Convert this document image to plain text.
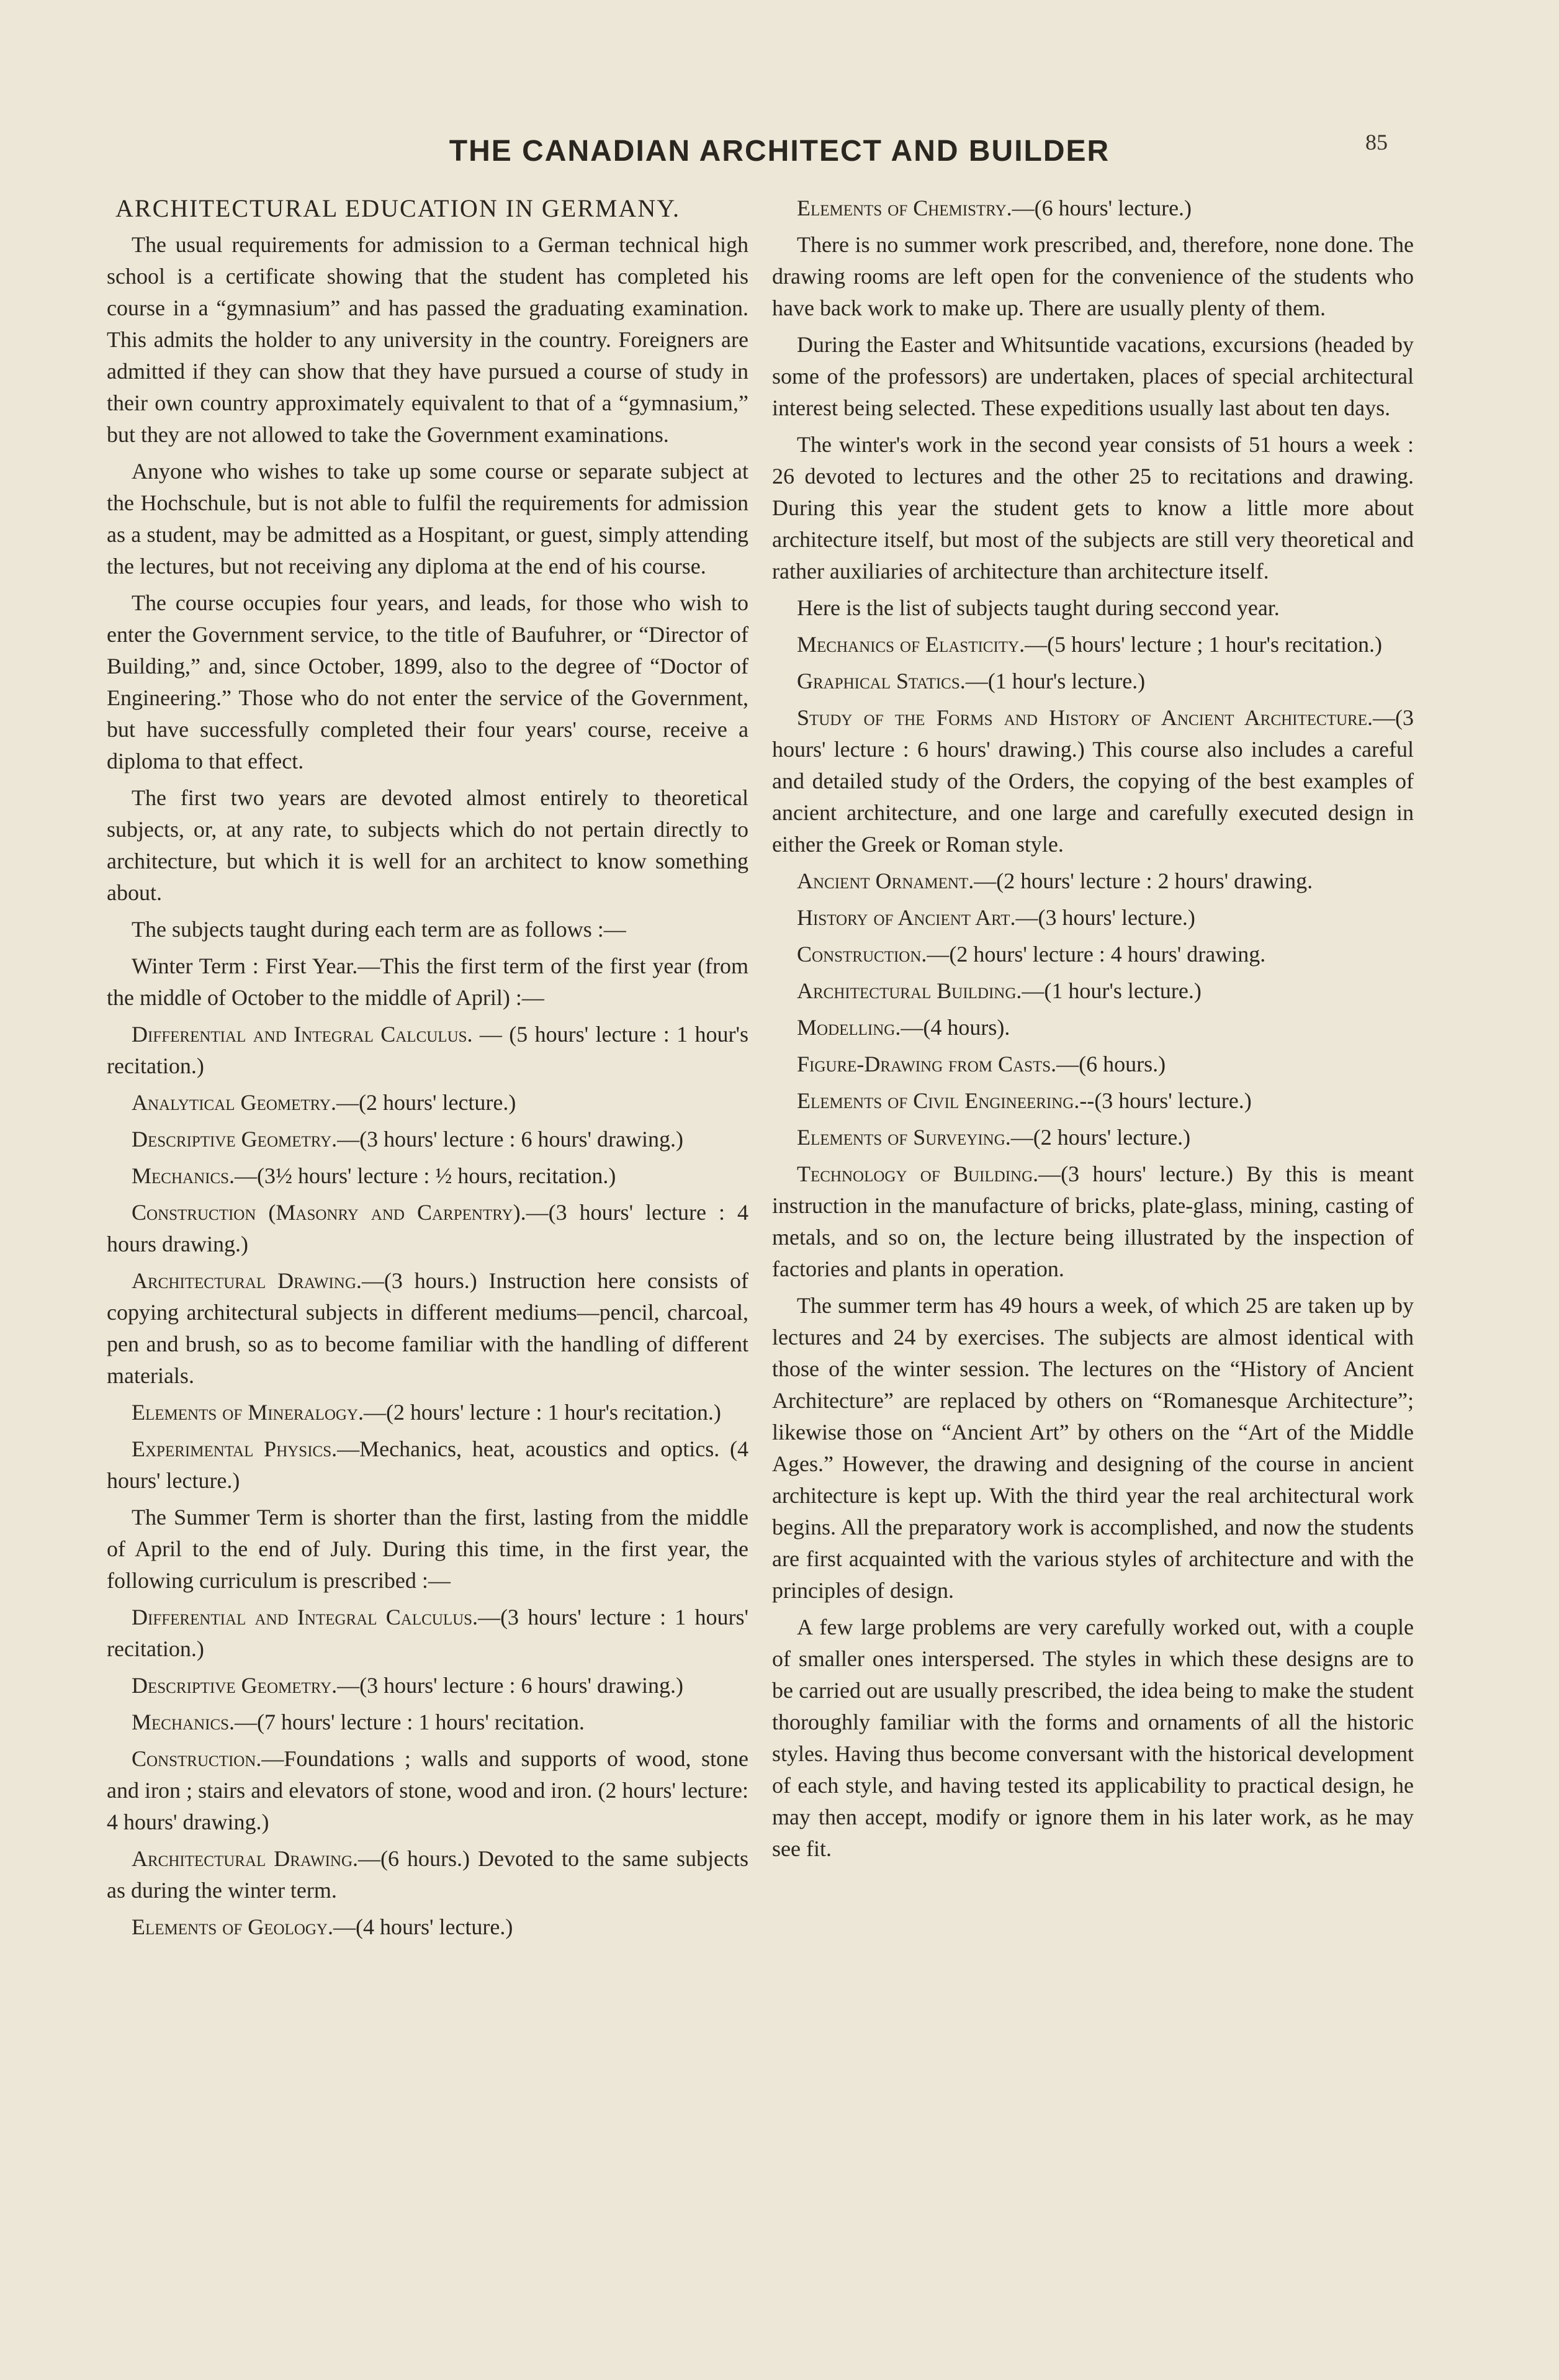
THE CANADIAN ARCHITECT AND BUILDER	85
ARCHITECTURAL EDUCATION IN GERMANY.

The usual requirements for admission to a German technical high school is a certificate showing that the student has completed his course in a “gymnasium” and has passed the graduating examination. This admits the holder to any university in the country. Foreigners are admitted if they can show that they have pursued a course of study in their own country approximately equivalent to that of a “gymnasium,” but they are not allowed to take the Government examinations.

Anyone who wishes to take up some course or separate subject at the Hochschule, but is not able to fulfil the requirements for admission as a student, may be admitted as a Hospitant, or guest, simply attending the lectures, but not receiving any diploma at the end of his course.

The course occupies four years, and leads, for those who wish to enter the Government service, to the title of Baufuhrer, or “Director of Building,” and, since October, 1899, also to the degree of “Doctor of Engineering.” Those who do not enter the service of the Government, but have successfully completed their four years' course, receive a diploma to that effect.

The first two years are devoted almost entirely to theoretical subjects, or, at any rate, to subjects which do not pertain directly to architecture, but which it is well for an architect to know something about.

The subjects taught during each term are as follows :—

Winter Term : First Year.—This the first term of the first year (from the middle of October to the middle of April) :—

Differential and Integral Calculus. — (5 hours' lecture : 1 hour's recitation.)

Analytical Geometry.—(2 hours' lecture.)

Descriptive Geometry.—(3 hours' lecture : 6 hours' drawing.)

Mechanics.—(3½ hours' lecture : ½ hours, recitation.)

Construction (Masonry and Carpentry).—(3 hours' lecture : 4 hours drawing.)

Architectural Drawing.—(3 hours.) Instruction here consists of copying architectural subjects in different mediums—pencil, charcoal, pen and brush, so as to become familiar with the handling of different materials.

Elements of Mineralogy.—(2 hours' lecture : 1 hour's recitation.)

Experimental Physics.—Mechanics, heat, acoustics and optics. (4 hours' lecture.)

The Summer Term is shorter than the first, lasting from the middle of April to the end of July. During this time, in the first year, the following curriculum is prescribed :—

Differential and Integral Calculus.—(3 hours' lecture : 1 hours' recitation.)

Descriptive Geometry.—(3 hours' lecture : 6 hours' drawing.)

Mechanics.—(7 hours' lecture : 1 hours' recitation.

Construction.—Foundations ; walls and supports of wood, stone and iron ; stairs and elevators of stone, wood and iron. (2 hours' lecture: 4 hours' drawing.)

Architectural Drawing.—(6 hours.) Devoted to the same subjects as during the winter term.

Elements of Geology.—(4 hours' lecture.)

Elements of Chemistry.—(6 hours' lecture.)

There is no summer work prescribed, and, therefore, none done. The drawing rooms are left open for the convenience of the students who have back work to make up. There are usually plenty of them.

During the Easter and Whitsuntide vacations, excursions (headed by some of the professors) are undertaken, places of special architectural interest being selected. These expeditions usually last about ten days.

The winter's work in the second year consists of 51 hours a week : 26 devoted to lectures and the other 25 to recitations and drawing. During this year the student gets to know a little more about architecture itself, but most of the subjects are still very theoretical and rather auxiliaries of architecture than architecture itself.

Here is the list of subjects taught during seccond year.

Mechanics of Elasticity.—(5 hours' lecture ; 1 hour's recitation.)

Graphical Statics.—(1 hour's lecture.)

Study of the Forms and History of Ancient Architecture.—(3 hours' lecture : 6 hours' drawing.) This course also includes a careful and detailed study of the Orders, the copying of the best examples of ancient architecture, and one large and carefully executed design in either the Greek or Roman style.

Ancient Ornament.—(2 hours' lecture : 2 hours' drawing.

History of Ancient Art.—(3 hours' lecture.)

Construction.—(2 hours' lecture : 4 hours' drawing.

Architectural Building.—(1 hour's lecture.)

Modelling.—(4 hours).

Figure-Drawing from Casts.—(6 hours.)

Elements of Civil Engineering.--(3 hours' lecture.)

Elements of Surveying.—(2 hours' lecture.)

Technology of Building.—(3 hours' lecture.) By this is meant instruction in the manufacture of bricks, plate-glass, mining, casting of metals, and so on, the lecture being illustrated by the inspection of factories and plants in operation.

The summer term has 49 hours a week, of which 25 are taken up by lectures and 24 by exercises. The subjects are almost identical with those of the winter session. The lectures on the “History of Ancient Architecture” are replaced by others on “Romanesque Architecture”; likewise those on “Ancient Art” by others on the “Art of the Middle Ages.” However, the drawing and designing of the course in ancient architecture is kept up. With the third year the real architectural work begins. All the preparatory work is accomplished, and now the students are first acquainted with the various styles of architecture and with the principles of design.

A few large problems are very carefully worked out, with a couple of smaller ones interspersed. The styles in which these designs are to be carried out are usually prescribed, the idea being to make the student thoroughly familiar with the forms and ornaments of all the historic styles. Having thus become conversant with the historical development of each style, and having tested its applicability to practical design, he may then accept, modify or ignore them in his later work, as he may see fit.
